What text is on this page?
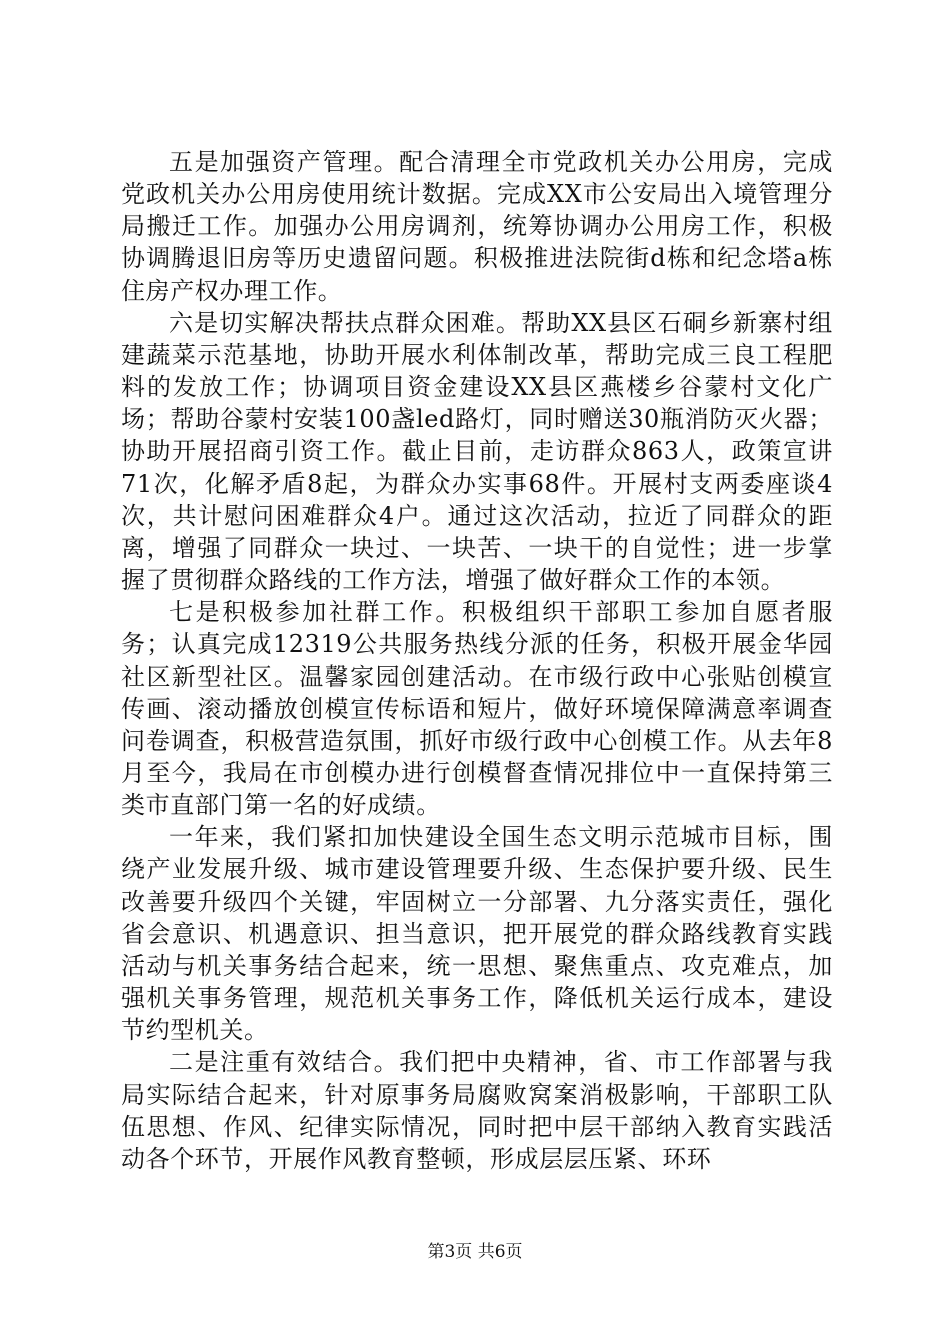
五是加强资产管理。配合清理全市党政机关办公用房，完成党政机关办公用房使用统计数据。完成XX市公安局出入境管理分局搬迁工作。加强办公用房调剂，统筹协调办公用房工作，积极协调腾退旧房等历史遗留问题。积极推进法院街d栋和纪念塔a栋住房产权办理工作。

六是切实解决帮扶点群众困难。帮助XX县区石硐乡新寨村组建蔬菜示范基地，协助开展水利体制改革，帮助完成三良工程肥料的发放工作；协调项目资金建设XX县区燕楼乡谷蒙村文化广场；帮助谷蒙村安装100盏led路灯，同时赠送30瓶消防灭火器；协助开展招商引资工作。截止目前，走访群众863人，政策宣讲71次，化解矛盾8起，为群众办实事68件。开展村支两委座谈4次，共计慰问困难群众4户。通过这次活动，拉近了同群众的距离，增强了同群众一块过、一块苦、一块干的自觉性；进一步掌握了贯彻群众路线的工作方法，增强了做好群众工作的本领。

七是积极参加社群工作。积极组织干部职工参加自愿者服务；认真完成12319公共服务热线分派的任务，积极开展金华园社区新型社区。温馨家园创建活动。在市级行政中心张贴创模宣传画、滚动播放创模宣传标语和短片，做好环境保障满意率调查问卷调查，积极营造氛围，抓好市级行政中心创模工作。从去年8月至今，我局在市创模办进行创模督查情况排位中一直保持第三类市直部门第一名的好成绩。

一年来，我们紧扣加快建设全国生态文明示范城市目标，围绕产业发展升级、城市建设管理要升级、生态保护要升级、民生改善要升级四个关键，牢固树立一分部署、九分落实责任，强化省会意识、机遇意识、担当意识，把开展党的群众路线教育实践活动与机关事务结合起来，统一思想、聚焦重点、攻克难点，加强机关事务管理，规范机关事务工作，降低机关运行成本，建设节约型机关。

二是注重有效结合。我们把中央精神，省、市工作部署与我局实际结合起来，针对原事务局腐败窝案消极影响，干部职工队伍思想、作风、纪律实际情况，同时把中层干部纳入教育实践活动各个环节，开展作风教育整顿，形成层层压紧、环环

第3页 共6页
